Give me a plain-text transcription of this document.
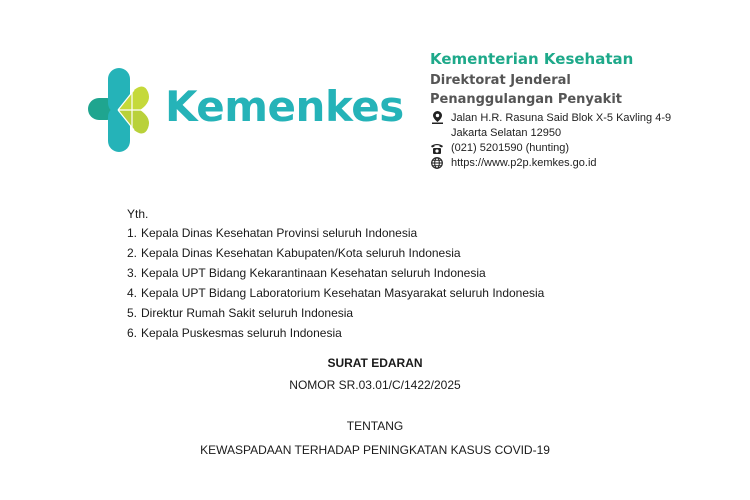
Kemenkes
Kementerian Kesehatan
Direktorat Jenderal
Penanggulangan Penyakit
Jalan H.R. Rasuna Said Blok X-5 Kavling 4-9
Jakarta Selatan 12950
(021) 5201590 (hunting)
https://www.p2p.kemkes.go.id
Yth.
1. Kepala Dinas Kesehatan Provinsi seluruh Indonesia
2. Kepala Dinas Kesehatan Kabupaten/Kota seluruh Indonesia
3. Kepala UPT Bidang Kekarantinaan Kesehatan seluruh Indonesia
4. Kepala UPT Bidang Laboratorium Kesehatan Masyarakat seluruh Indonesia
5. Direktur Rumah Sakit seluruh Indonesia
6. Kepala Puskesmas seluruh Indonesia
SURAT EDARAN
NOMOR SR.03.01/C/1422/2025
TENTANG
KEWASPADAAN TERHADAP PENINGKATAN KASUS COVID-19
